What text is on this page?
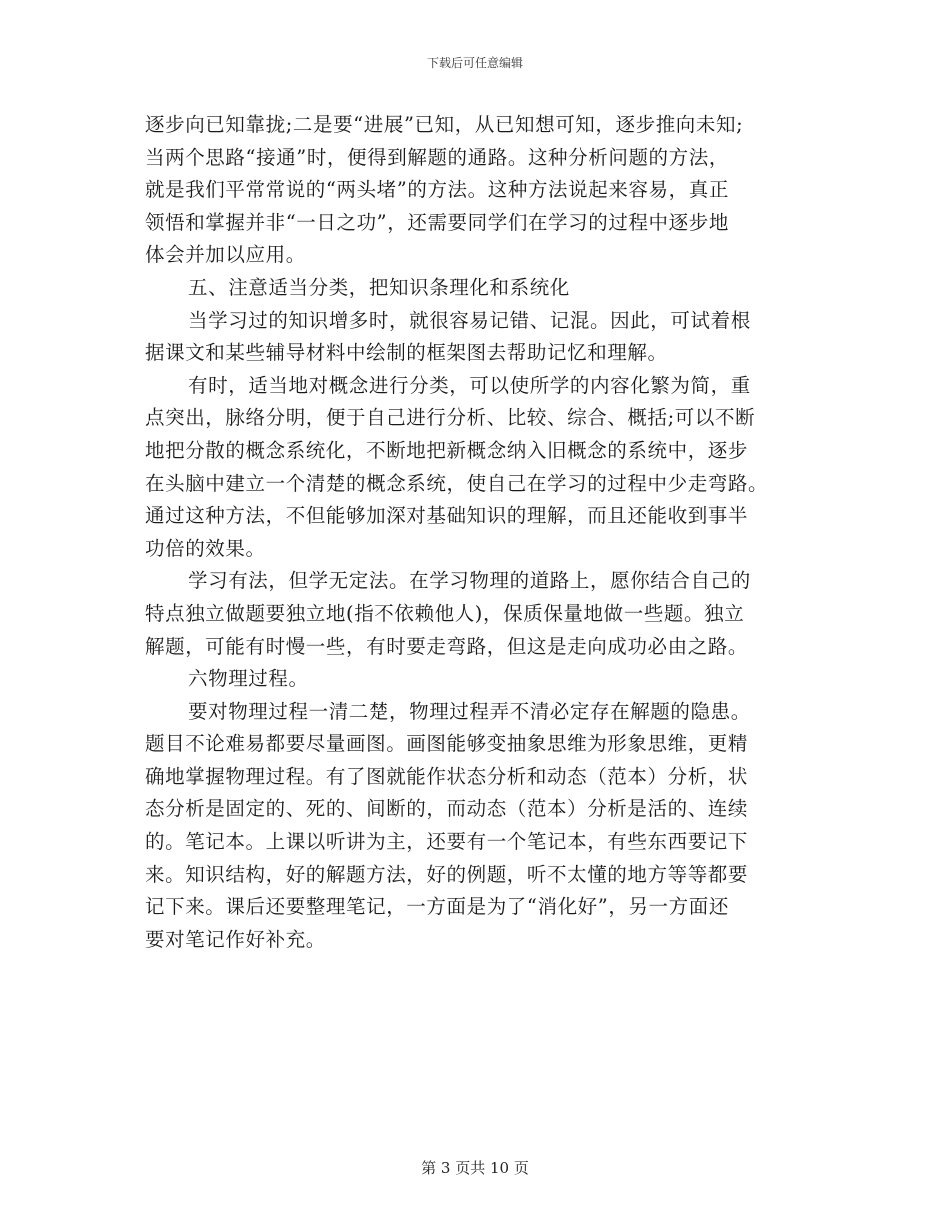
下载后可任意编辑
逐步向已知靠拢;二是要“进展”已知，从已知想可知，逐步推向未知;
当两个思路“接通”时，便得到解题的通路。这种分析问题的方法，
就是我们平常常说的“两头堵”的方法。这种方法说起来容易，真正
领悟和掌握并非“一日之功”，还需要同学们在学习的过程中逐步地
体会并加以应用。
五、注意适当分类，把知识条理化和系统化
当学习过的知识增多时，就很容易记错、记混。因此，可试着根
据课文和某些辅导材料中绘制的框架图去帮助记忆和理解。
有时，适当地对概念进行分类，可以使所学的内容化繁为简，重
点突出，脉络分明，便于自己进行分析、比较、综合、概括;可以不断
地把分散的概念系统化，不断地把新概念纳入旧概念的系统中，逐步
在头脑中建立一个清楚的概念系统，使自己在学习的过程中少走弯路。
通过这种方法，不但能够加深对基础知识的理解，而且还能收到事半
功倍的效果。
学习有法，但学无定法。在学习物理的道路上，愿你结合自己的
特点独立做题要独立地(指不依赖他人)，保质保量地做一些题。独立
解题，可能有时慢一些，有时要走弯路，但这是走向成功必由之路。
六物理过程。
要对物理过程一清二楚，物理过程弄不清必定存在解题的隐患。
题目不论难易都要尽量画图。画图能够变抽象思维为形象思维，更精
确地掌握物理过程。有了图就能作状态分析和动态（范本）分析，状
态分析是固定的、死的、间断的，而动态（范本）分析是活的、连续
的。笔记本。上课以听讲为主，还要有一个笔记本，有些东西要记下
来。知识结构，好的解题方法，好的例题，听不太懂的地方等等都要
记下来。课后还要整理笔记，一方面是为了“消化好”，另一方面还
要对笔记作好补充。
第 3 页共 10 页
